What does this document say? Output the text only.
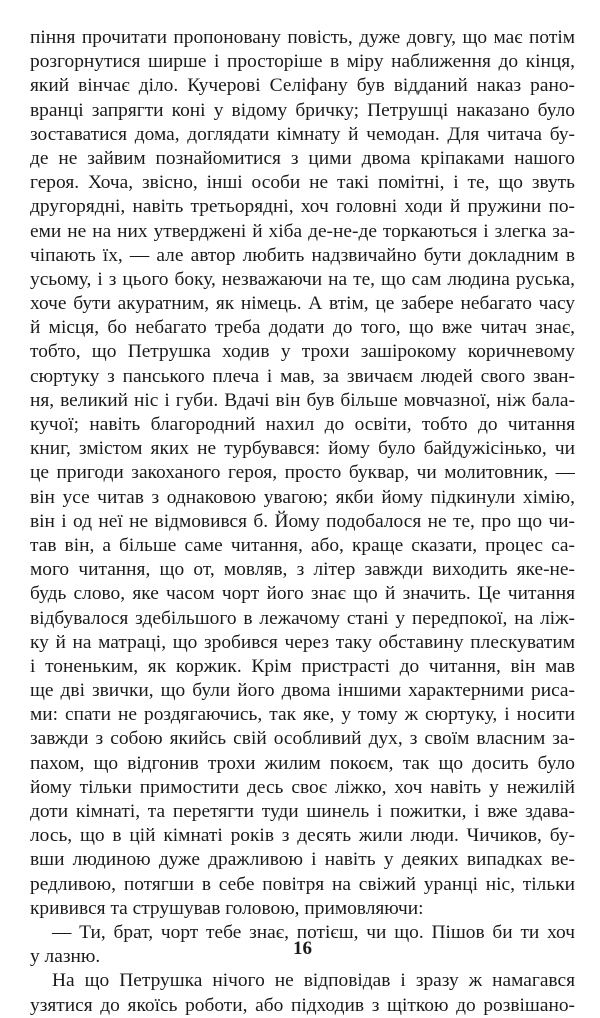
піння прочитати пропоновану повість, дуже довгу, що має потім
розгорнутися ширше і просторіше в міру наближення до кінця,
який вінчає діло. Кучерові Селіфану був відданий наказ рано-
вранці запрягти коні у відому бричку; Петрушці наказано було
зоставатися дома, доглядати кімнату й чемодан. Для читача бу-
де не зайвим познайомитися з цими двома кріпаками нашого
героя. Хоча, звісно, інші особи не такі помітні, і те, що звуть
другорядні, навіть третьорядні, хоч головні ходи й пружини по-
еми не на них утверджені й хіба де-не-де торкаються і злегка за-
чіпають їх, — але автор любить надзвичайно бути докладним в
усьому, і з цього боку, незважаючи на те, що сам людина руська,
хоче бути акуратним, як німець. А втім, це забере небагато часу
й місця, бо небагато треба додати до того, що вже читач знає,
тобто, що Петрушка ходив у трохи зашірокому коричневому
сюртуку з панського плеча і мав, за звичаєм людей свого зван-
ня, великий ніс і губи. Вдачі він був більше мовчазної, ніж бала-
кучої; навіть благородний нахил до освіти, тобто до читання
книг, змістом яких не турбувався: йому було байдужісінько, чи
це пригоди закоханого героя, просто буквар, чи молитовник, —
він усе читав з однаковою увагою; якби йому підкинули хімію,
він і од неї не відмовився б. Йому подобалося не те, про що чи-
тав він, а більше саме читання, або, краще сказати, процес са-
мого читання, що от, мовляв, з літер завжди виходить яке-не-
будь слово, яке часом чорт його знає що й значить. Це читання
відбувалося здебільшого в лежачому стані у передпокої, на ліж-
ку й на матраці, що зробився через таку обставину плескуватим
і тоненьким, як коржик. Крім пристрасті до читання, він мав
ще дві звички, що були його двома іншими характерними риса-
ми: спати не роздягаючись, так яке, у тому ж сюртуку, і носити
завжди з собою якийсь свій особливий дух, з своїм власним за-
пахом, що відгонив трохи жилим покоєм, так що досить було
йому тільки примостити десь своє ліжко, хоч навіть у нежилій
доти кімнаті, та перетягти туди шинель і пожитки, і вже здава-
лось, що в цій кімнаті років з десять жили люди. Чичиков, бу-
вши людиною дуже дражливою і навіть у деяких випадках ве-
редливою, потягши в себе повітря на свіжий уранці ніс, тільки
кривився та струшував головою, примовляючи:
— Ти, брат, чорт тебе знає, потієш, чи що. Пішов би ти хоч
у лазню.
На що Петрушка нічого не відповідав і зразу ж намагався
узятися до якоїсь роботи, або підходив з щіткою до розвішано-
16
